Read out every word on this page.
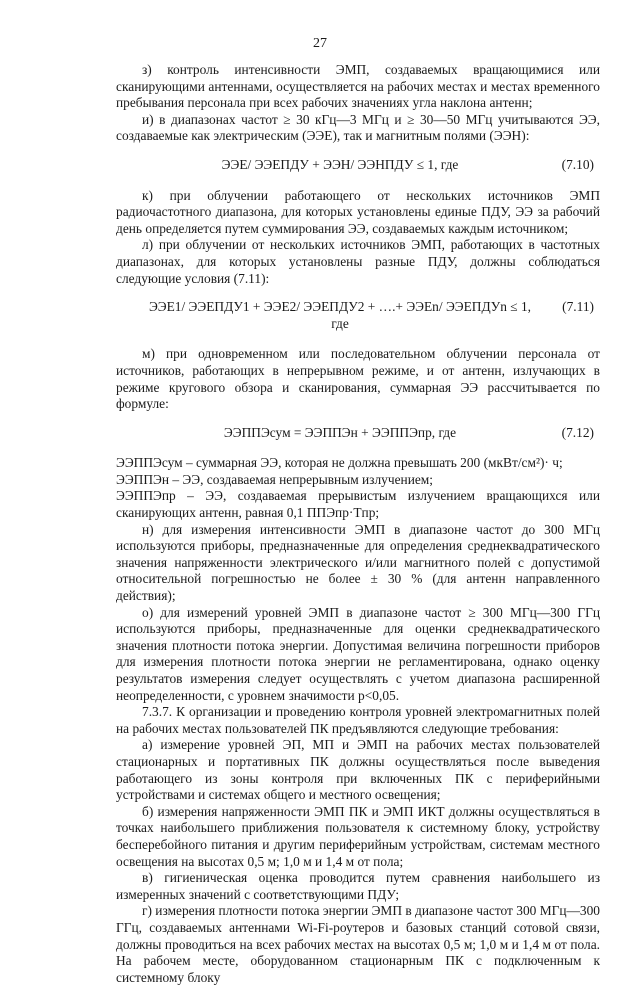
27

з) контроль интенсивности ЭМП, создаваемых вращающимися или сканирующими антеннами, осуществляется на рабочих местах и местах временного пребывания персонала при всех рабочих значениях угла наклона антенн;

и) в диапазонах частот ≥ 30 кГц—3 МГц и ≥ 30—50 МГц учитываются ЭЭ, создаваемые как электрическим (ЭЭE), так и магнитным полями (ЭЭH):

ЭЭE/ ЭЭEПДУ + ЭЭH/ ЭЭHПДУ ≤ 1, где	(7.10)

к) при облучении работающего от нескольких источников ЭМП радиочастотного диапазона, для которых установлены единые ПДУ, ЭЭ за рабочий день определяется путем суммирования ЭЭ, создаваемых каждым источником;

л) при облучении от нескольких источников ЭМП, работающих в частотных диапазонах, для которых установлены разные ПДУ, должны соблюдаться следующие условия (7.11):

ЭЭE1/ ЭЭEПДУ1 + ЭЭE2/ ЭЭEПДУ2 + ….+ ЭЭEn/ ЭЭEПДУn ≤ 1, где
(7.11)

м) при одновременном или последовательном облучении персонала от источников, работающих в непрерывном режиме, и от антенн, излучающих в режиме кругового обзора и сканирования, суммарная ЭЭ рассчитывается по формуле:

ЭЭППЭсум = ЭЭППЭн + ЭЭППЭпр, где	(7.12)

ЭЭППЭсум – суммарная ЭЭ, которая не должна превышать 200 (мкВт/см²)· ч;

ЭЭППЭн – ЭЭ, создаваемая непрерывным излучением;

ЭЭППЭпр – ЭЭ, создаваемая прерывистым излучением вращающихся или сканирующих антенн, равная 0,1 ППЭпр·Tпр;

н) для измерения интенсивности ЭМП в диапазоне частот до 300 МГц используются приборы, предназначенные для определения среднеквадратического значения напряженности электрического и/или магнитного полей с допустимой относительной погрешностью не более ± 30 % (для антенн направленного действия);

о) для измерений уровней ЭМП в диапазоне частот ≥ 300 МГц—300 ГГц используются приборы, предназначенные для оценки среднеквадратического значения плотности потока энергии. Допустимая величина погрешности приборов для измерения плотности потока энергии не регламентирована, однако оценку результатов измерения следует осуществлять с учетом диапазона расширенной неопределенности, с уровнем значимости p<0,05.

7.3.7. К организации и проведению контроля уровней электромагнитных полей на рабочих местах пользователей ПК предъявляются следующие требования:

а) измерение уровней ЭП, МП и ЭМП на рабочих местах пользователей стационарных и портативных ПК должны осуществляться после выведения работающего из зоны контроля при включенных ПК с периферийными устройствами и системах общего и местного освещения;

б) измерения напряженности ЭМП ПК и ЭМП ИКТ должны осуществляться в точках наибольшего приближения пользователя к системному блоку, устройству бесперебойного питания и другим периферийным устройствам, системам местного освещения на высотах 0,5 м; 1,0 м и 1,4 м от пола;

в) гигиеническая оценка проводится путем сравнения наибольшего из измеренных значений с соответствующими ПДУ;

г) измерения плотности потока энергии ЭМП в диапазоне частот 300 МГц—300 ГГц, создаваемых антеннами Wi-Fi-роутеров и базовых станций сотовой связи, должны проводиться на всех рабочих местах на высотах 0,5 м; 1,0 м и 1,4 м от пола. На рабочем месте, оборудованном стационарным ПК с подключенным к системному блоку
